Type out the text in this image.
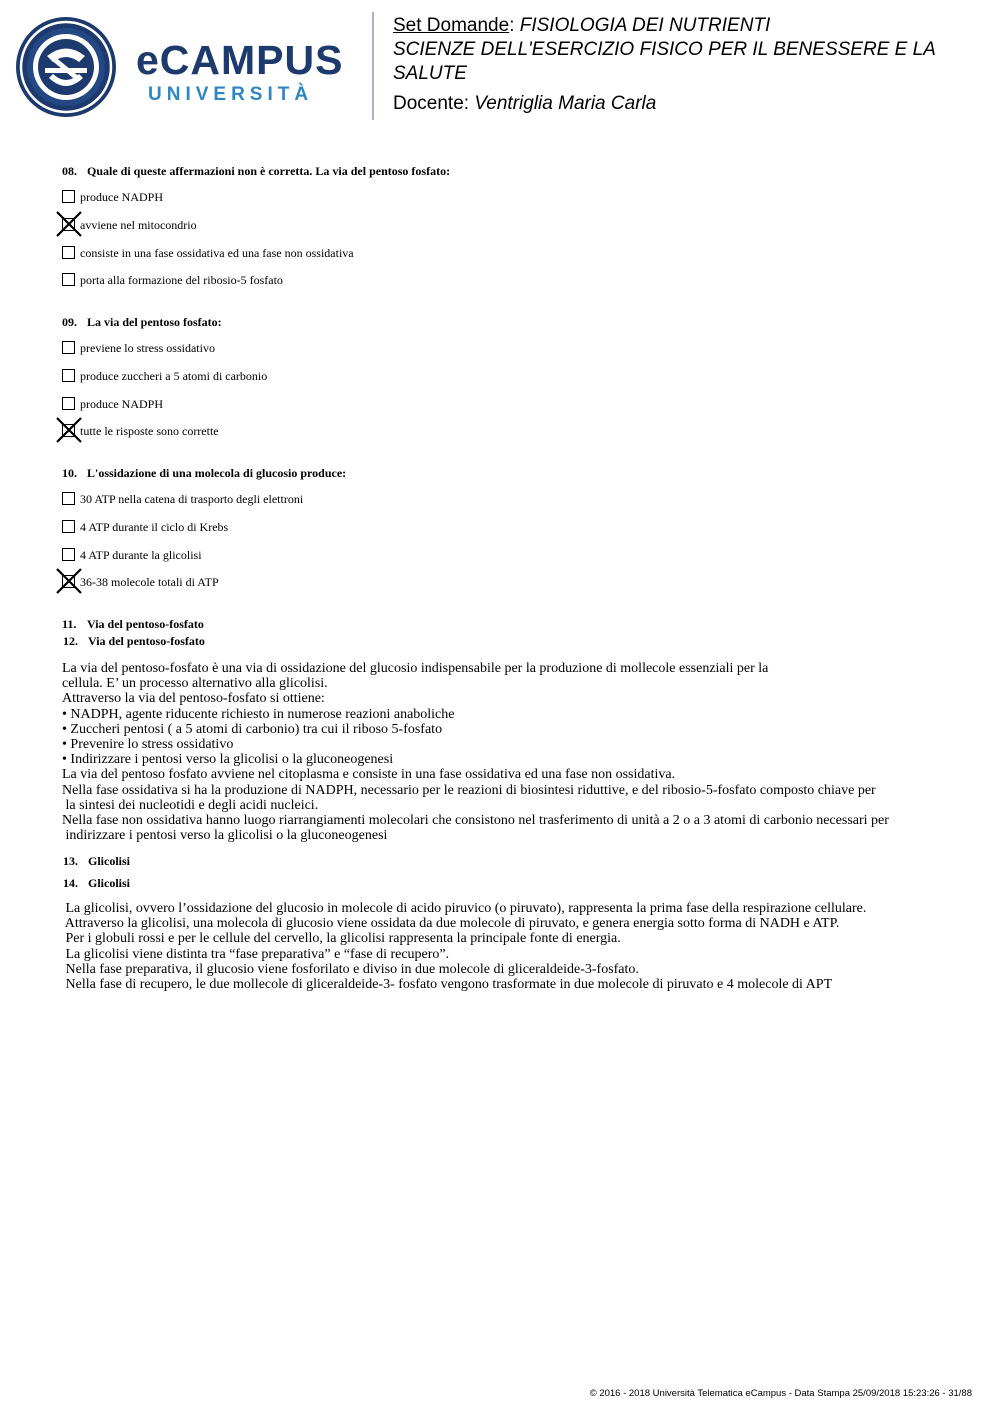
eCAMPUS
UNIVERSITÀ

Set Domande: FISIOLOGIA DEI NUTRIENTI

SCIENZE DELL'ESERCIZIO FISICO PER IL BENESSERE E LA

SALUTE

Docente: Ventriglia Maria Carla

08. Quale di queste affermazioni non è corretta. La via del pentoso fosfato:
produce NADPH
avviene nel mitocondrio
consiste in una fase ossidativa ed una fase non ossidativa
porta alla formazione del ribosio-5 fosfato
09. La via del pentoso fosfato:
previene lo stress ossidativo
produce zuccheri a 5 atomi di carbonio
produce NADPH
tutte le risposte sono corrette
10. L'ossidazione di una molecola di glucosio produce:
30 ATP nella catena di trasporto degli elettroni
4 ATP durante il ciclo di Krebs
4 ATP durante la glicolisi
36-38 molecole totali di ATP
11. Via del pentoso-fosfato
12. Via del pentoso-fosfato

La via del pentoso-fosfato è una via di ossidazione del glucosio indispensabile per la produzione di mollecole essenziali per la

cellula. E’ un processo alternativo alla glicolisi.

Attraverso la via del pentoso-fosfato si ottiene:

• NADPH, agente riducente richiesto in numerose reazioni anaboliche

• Zuccheri pentosi ( a 5 atomi di carbonio) tra cui il riboso 5-fosfato

• Prevenire lo stress ossidativo

• Indirizzare i pentosi verso la glicolisi o la gluconeogenesi

La via del pentoso fosfato avviene nel citoplasma e consiste in una fase ossidativa ed una fase non ossidativa.

Nella fase ossidativa si ha la produzione di NADPH, necessario per le reazioni di biosintesi riduttive, e del ribosio-5-fosfato composto chiave per

la sintesi dei nucleotidi e degli acidi nucleici.

Nella fase non ossidativa hanno luogo riarrangiamenti molecolari che consistono nel trasferimento di unità a 2 o a 3 atomi di carbonio necessari per

indirizzare i pentosi verso la glicolisi o la gluconeogenesi

13. Glicolisi
14. Glicolisi

La glicolisi, ovvero l’ossidazione del glucosio in molecole di acido piruvico (o piruvato), rappresenta la prima fase della respirazione cellulare.

Attraverso la glicolisi, una molecola di glucosio viene ossidata da due molecole di piruvato, e genera energia sotto forma di NADH e ATP.

Per i globuli rossi e per le cellule del cervello, la glicolisi rappresenta la principale fonte di energia.

La glicolisi viene distinta tra “fase preparativa” e “fase di recupero”.

Nella fase preparativa, il glucosio viene fosforilato e diviso in due molecole di gliceraldeide-3-fosfato.

Nella fase di recupero, le due mollecole di gliceraldeide-3- fosfato vengono trasformate in due molecole di piruvato e 4 molecole di APT

© 2016 - 2018 Università Telematica eCampus - Data Stampa 25/09/2018 15:23:26 - 31/88
